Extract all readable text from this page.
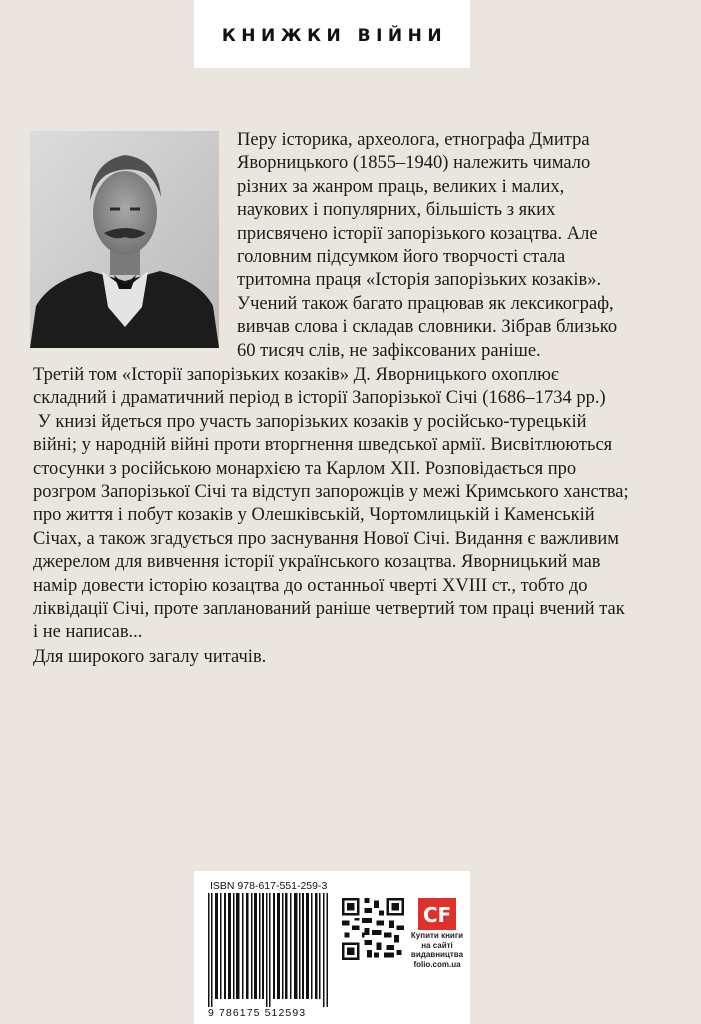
КНИЖКИ ВІЙНИ
Перу історика, археолога, етнографа Дмитра
Яворницького (1855–1940) належить чимало
різних за жанром праць, великих і малих,
наукових і популярних, більшість з яких
присвячено історії запорізького козацтва. Але
головним підсумком його творчості стала
тритомна праця «Історія запорізьких козаків».
Учений також багато працював як лексикограф,
вивчав слова і складав словники. Зібрав близько
60 тисяч слів, не зафіксованих раніше.
Третій том «Історії запорізьких козаків» Д. Яворницького охоплює
складний і драматичний період в історії Запорізької Січі (1686–1734 рр.)
У книзі йдеться про участь запорізьких козаків у російсько-турецькій
війні; у народній війні проти вторгнення шведської армії. Висвітлюються
стосунки з російською монархією та Карлом ХІІ. Розповідається про
розгром Запорізької Січі та відступ запорожців у межі Кримського ханства;
про життя і побут козаків у Олешківській, Чортомлицькій і Каменській
Січах, а також згадується про заснування Нової Січі. Видання є важливим
джерелом для вивчення історії українського козацтва. Яворницький мав
намір довести історію козацтва до останньої чверті XVIII ст., тобто до
ліквідації Січі, проте запланований раніше четвертий том праці вчений так
і не написав...

Для широкого загалу читачів.

ISBN 978-617-551-259-3
9 786175 512593
CF
Купити книги
на сайті
видавництва
folio.com.ua
